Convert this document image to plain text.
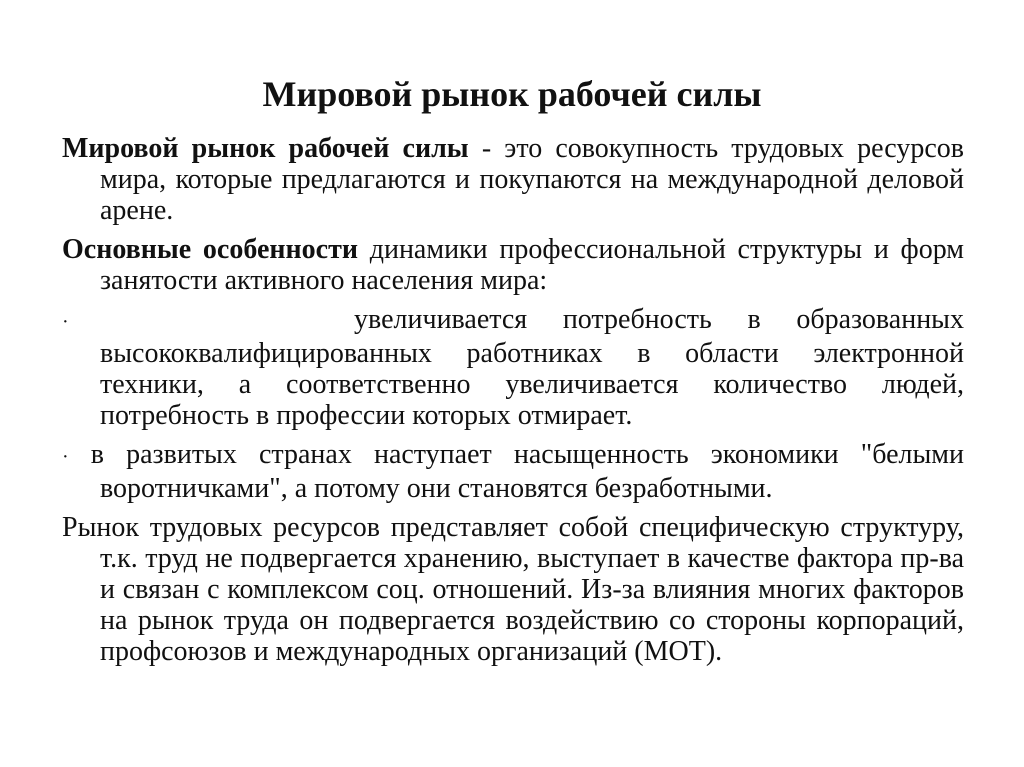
Мировой рынок рабочей силы

Мировой рынок рабочей силы - это совокупность трудовых ресурсов мира, которые предлагаются и покупаются на международной деловой арене.

Основные особенности динамики профессиональной структуры и форм занятости активного населения мира:

·        увеличивается потребность в образованных высококвалифицированных работниках в области электронной техники, а соответственно увеличивается количество людей, потребность в профессии которых отмирает.

· в развитых странах наступает насыщенность экономики "белыми воротничками", а потому они становятся безработными.

Рынок трудовых ресурсов представляет собой специфическую структуру, т.к. труд не подвергается хранению, выступает в качестве фактора пр-ва и связан с комплексом соц. отношений. Из-за влияния многих факторов на рынок труда он подвергается воздействию со стороны корпораций, профсоюзов и международных организаций (МОТ).
